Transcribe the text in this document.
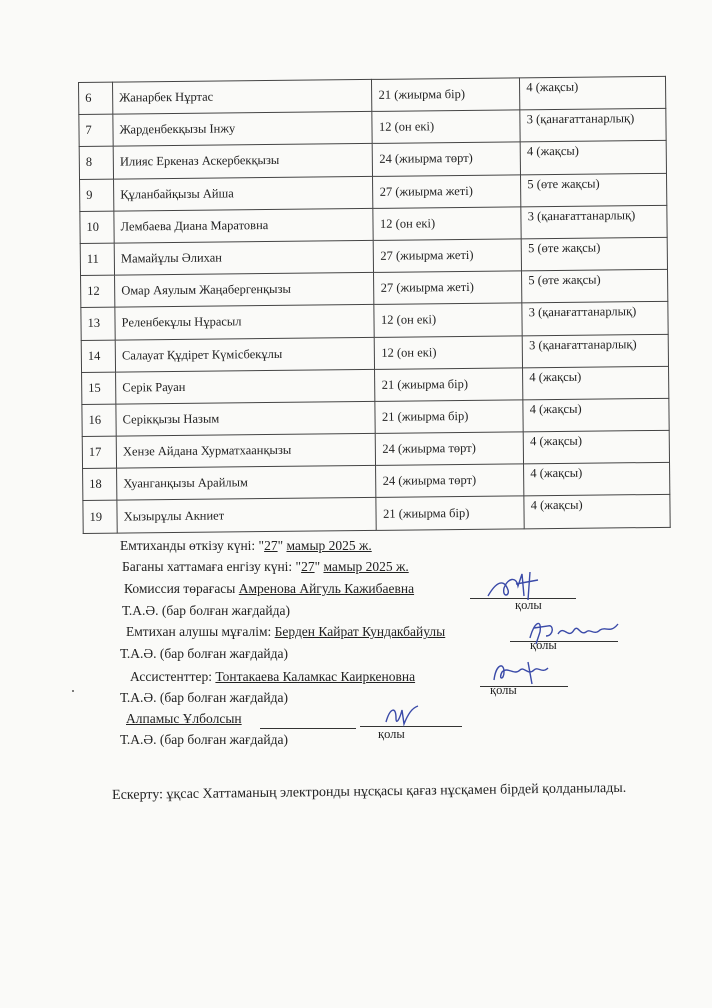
6	Жанарбек Нұртас	21 (жиырма бір)	4 (жақсы)
7	Жарденбекқызы Інжу	12 (он екі)	3 (қанағаттанарлық)
8	Илияс Еркеназ Аскербекқызы	24 (жиырма төрт)	4 (жақсы)
9	Құланбайқызы Айша	27 (жиырма жеті)	5 (өте жақсы)
10	Лембаева Диана Маратовна	12 (он екі)	3 (қанағаттанарлық)
11	Мамайұлы Әлихан	27 (жиырма жеті)	5 (өте жақсы)
12	Омар Аяулым Жаңабергенқызы	27 (жиырма жеті)	5 (өте жақсы)
13	Реленбекұлы Нұрасыл	12 (он екі)	3 (қанағаттанарлық)
14	Салауат Құдірет Күмісбекұлы	12 (он екі)	3 (қанағаттанарлық)
15	Серік Рауан	21 (жиырма бір)	4 (жақсы)
16	Серікқызы Назым	21 (жиырма бір)	4 (жақсы)
17	Хензе Айдана Хурматхаанқызы	24 (жиырма төрт)	4 (жақсы)
18	Хуанганқызы Арайлым	24 (жиырма төрт)	4 (жақсы)
19	Хызырұлы Акниет	21 (жиырма бір)	4 (жақсы)
Емтиханды өткізу күні: "27" мамыр 2025 ж.
Баганы хаттамаға енгізу күні: "27" мамыр 2025 ж.
Комиссия төрағасы Амренова Айгуль Кажибаевна
Т.А.Ә. (бар болған жағдайда)	қолы
Емтихан алушы мұғалім: Берден Кайрат Кундакбайулы
Т.А.Ә. (бар болған жағдайда)
қолы
Ассистенттер: Тонтакаева Каламкас Каиркеновна
қолы
Т.А.Ә. (бар болған жағдайда)
Алпамыс Ұлболсын
Т.А.Ә. (бар болған жағдайда)	қолы
Ескерту: ұқсас Хаттаманың электронды нұсқасы қағаз нұсқамен бірдей қолданылады.
